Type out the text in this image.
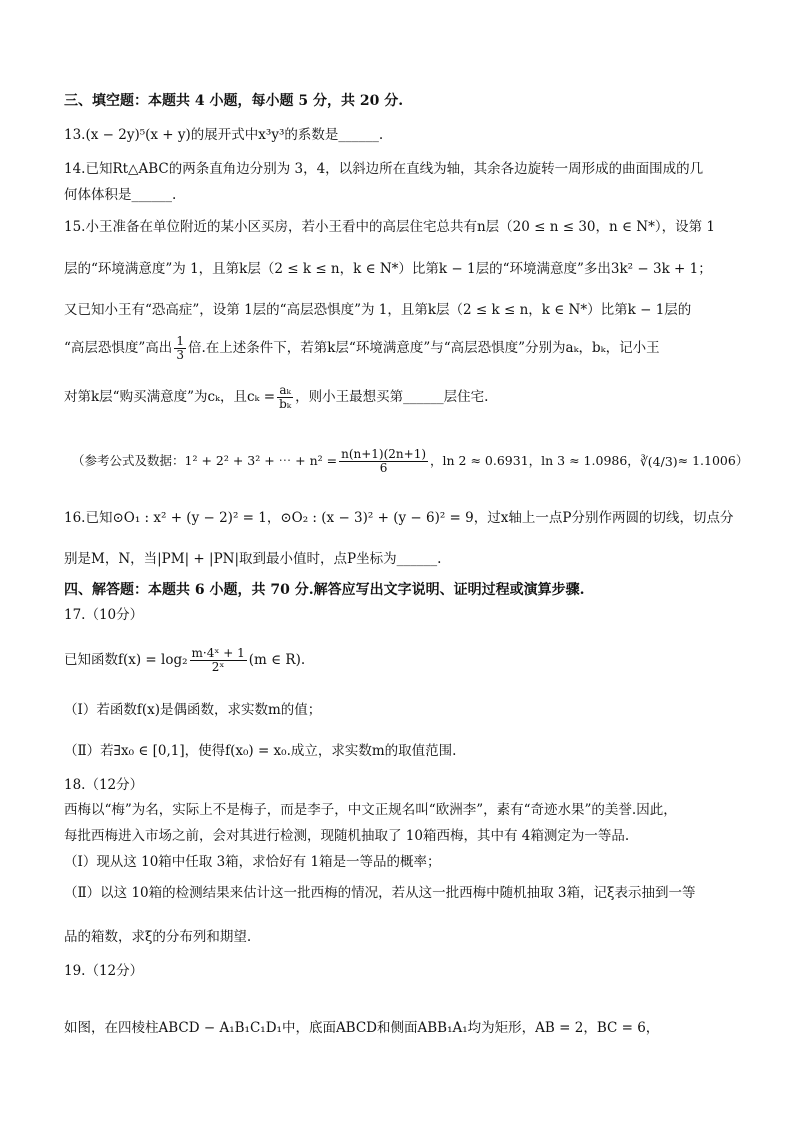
三、填空题：本题共 4 小题，每小题 5 分，共 20 分.
13.(x − 2y)⁵(x + y)的展开式中x³y³的系数是______.
14.已知Rt△ABC的两条直角边分别为 3，4，以斜边所在直线为轴，其余各边旋转一周形成的曲面围成的几
何体体积是______.
15.小王准备在单位附近的某小区买房，若小王看中的高层住宅总共有n层（20 ≤ n ≤ 30，n ∈ N*），设第 1
层的“环境满意度”为 1，且第k层（2 ≤ k ≤ n，k ∈ N*）比第k − 1层的“环境满意度”多出3k² − 3k + 1；
又已知小王有“恐高症”，设第 1层的“高层恐惧度”为 1，且第k层（2 ≤ k ≤ n，k ∈ N*）比第k − 1层的
“高层恐惧度”高出 $\frac{1}{3}$ 倍.在上述条件下，若第k层“环境满意度”与“高层恐惧度”分别为aₖ，bₖ，记小王
对第k层“购买满意度”为cₖ，且$c_k = \frac{\text{aₖ}}{\text{bₖ}}$ ，则小王最想买第______层住宅.
（参考公式及数据：1² + 2² + 3² + ⋯ + $n^2 = \frac{n(n+1)(2n+1)}{6}$ ，ln 2 ≈ 0.6931，ln 3 ≈ 1.0986，∛(4/3)≈ 1.1006）
16.已知⊙O₁ : x² + (y − 2)² = 1，⊙O₂ : (x − 3)² + (y − 6)² = 9，过x轴上一点P分别作两圆的切线，切点分
别是M，N，当|PM| + |PN|取到最小值时，点P坐标为______.
四、解答题：本题共 6 小题，共 70 分.解答应写出文字说明、证明过程或演算步骤.
17.（10分）
已知函数$f(x) = \log_2 \frac{\text{m·4ˣ + 1}}{\text{2ˣ}} (m$ ∈ R).
（Ⅰ）若函数f(x)是偶函数，求实数m的值；
（Ⅱ）若∃x₀ ∈ [0,1]，使得f(x₀) = x₀.成立，求实数m的取值范围.
18.（12分）
西梅以“梅”为名，实际上不是梅子，而是李子，中文正规名叫“欧洲李”，素有“奇迹水果”的美誉.因此，
每批西梅进入市场之前，会对其进行检测，现随机抽取了 10箱西梅，其中有 4箱测定为一等品.
（Ⅰ）现从这 10箱中任取 3箱，求恰好有 1箱是一等品的概率；
（Ⅱ）以这 10箱的检测结果来估计这一批西梅的情况，若从这一批西梅中随机抽取 3箱，记ξ表示抽到一等
品的箱数，求ξ的分布列和期望.
19.（12分）
如图，在四棱柱ABCD − A₁B₁C₁D₁中，底面ABCD和侧面ABB₁A₁均为矩形，AB = 2，BC = 6，
